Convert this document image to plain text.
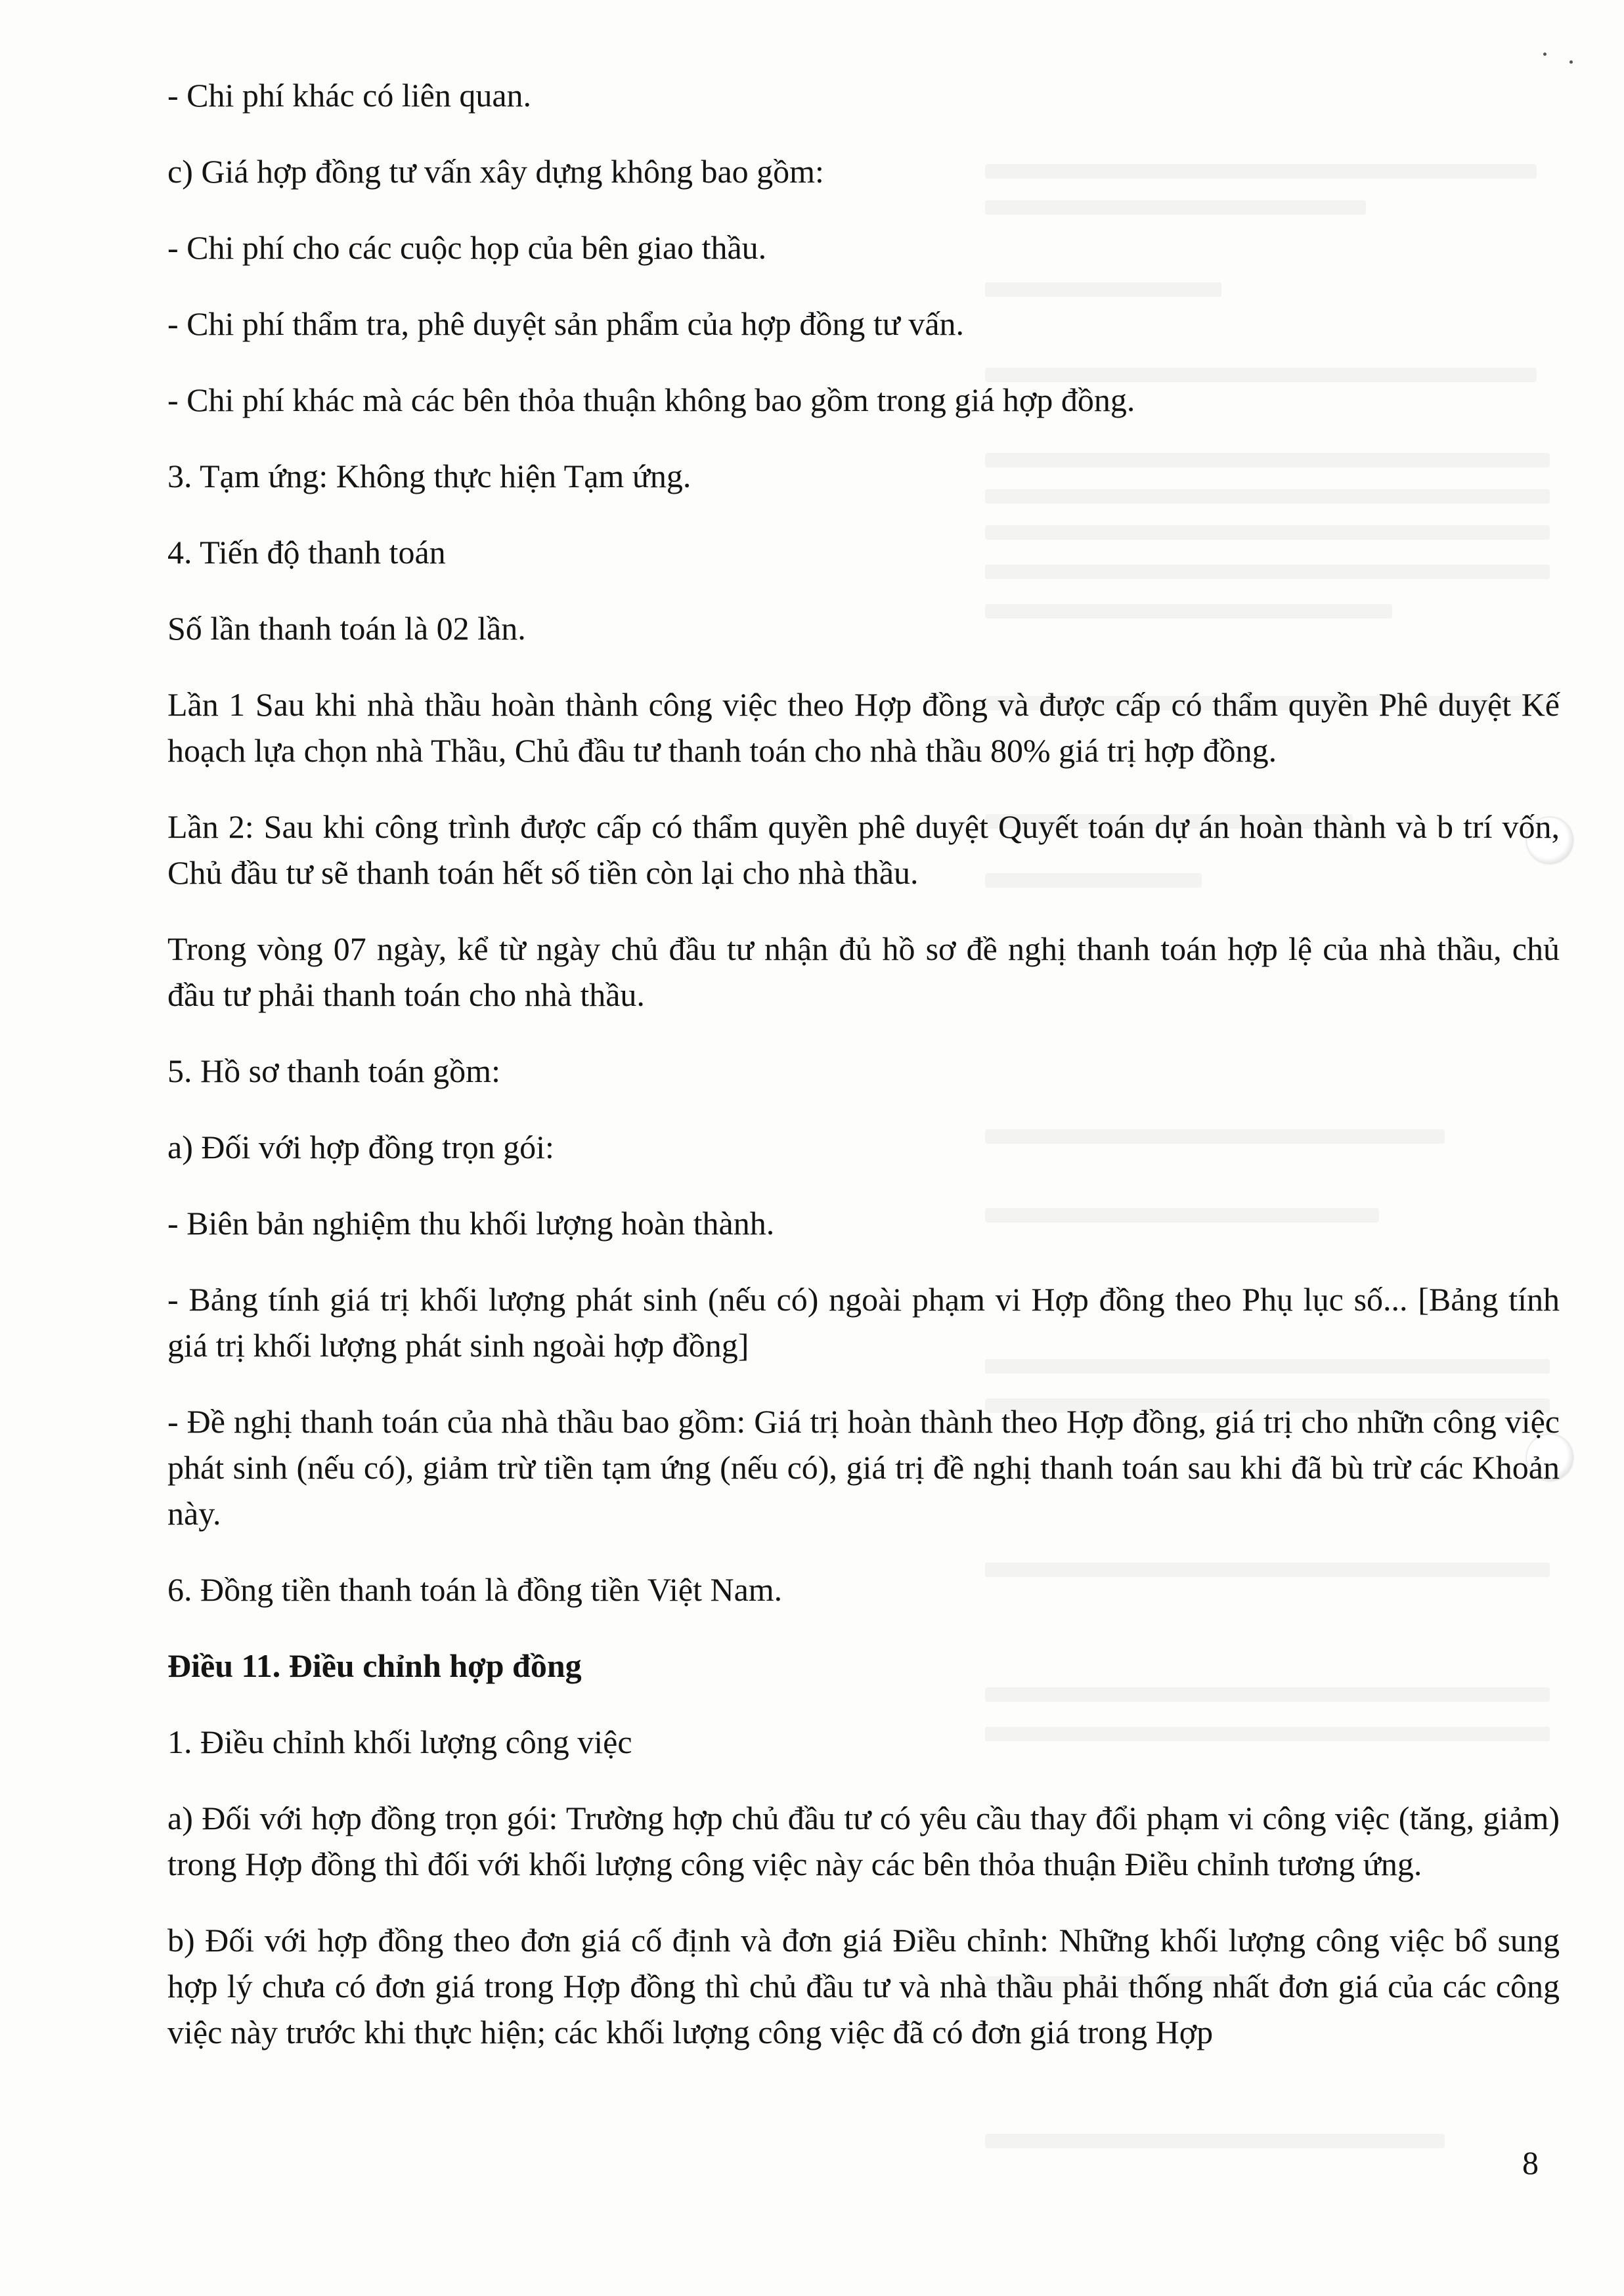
- Chi phí khác có liên quan.

c) Giá hợp đồng tư vấn xây dựng không bao gồm:

- Chi phí cho các cuộc họp của bên giao thầu.

- Chi phí thẩm tra, phê duyệt sản phẩm của hợp đồng tư vấn.

- Chi phí khác mà các bên thỏa thuận không bao gồm trong giá hợp đồng.

3. Tạm ứng: Không thực hiện Tạm ứng.

4. Tiến độ thanh toán

Số lần thanh toán là 02 lần.

Lần 1 Sau khi nhà thầu hoàn thành công việc theo Hợp đồng và được cấp có thẩm quyền Phê duyệt Kế hoạch lựa chọn nhà Thầu, Chủ đầu tư thanh toán cho nhà thầu 80% giá trị hợp đồng.

Lần 2: Sau khi công trình được cấp có thẩm quyền phê duyệt Quyết toán dự án hoàn thành và b trí vốn, Chủ đầu tư sẽ thanh toán hết số tiền còn lại cho nhà thầu.

Trong vòng 07 ngày, kể từ ngày chủ đầu tư nhận đủ hồ sơ đề nghị thanh toán hợp lệ của nhà thầu, chủ đầu tư phải thanh toán cho nhà thầu.

5. Hồ sơ thanh toán gồm:

a) Đối với hợp đồng trọn gói:

- Biên bản nghiệm thu khối lượng hoàn thành.

- Bảng tính giá trị khối lượng phát sinh (nếu có) ngoài phạm vi Hợp đồng theo Phụ lục số... [Bảng tính giá trị khối lượng phát sinh ngoài hợp đồng]

- Đề nghị thanh toán của nhà thầu bao gồm: Giá trị hoàn thành theo Hợp đồng, giá trị cho nhữn công việc phát sinh (nếu có), giảm trừ tiền tạm ứng (nếu có), giá trị đề nghị thanh toán sau khi đã bù trừ các Khoản này.

6. Đồng tiền thanh toán là đồng tiền Việt Nam.

Điều 11. Điều chỉnh hợp đồng

1. Điều chỉnh khối lượng công việc

a) Đối với hợp đồng trọn gói: Trường hợp chủ đầu tư có yêu cầu thay đổi phạm vi công việc (tăng, giảm) trong Hợp đồng thì đối với khối lượng công việc này các bên thỏa thuận Điều chỉnh tương ứng.

b) Đối với hợp đồng theo đơn giá cố định và đơn giá Điều chỉnh: Những khối lượng công việc bổ sung hợp lý chưa có đơn giá trong Hợp đồng thì chủ đầu tư và nhà thầu phải thống nhất đơn giá của các công việc này trước khi thực hiện; các khối lượng công việc đã có đơn giá trong Hợp

8
